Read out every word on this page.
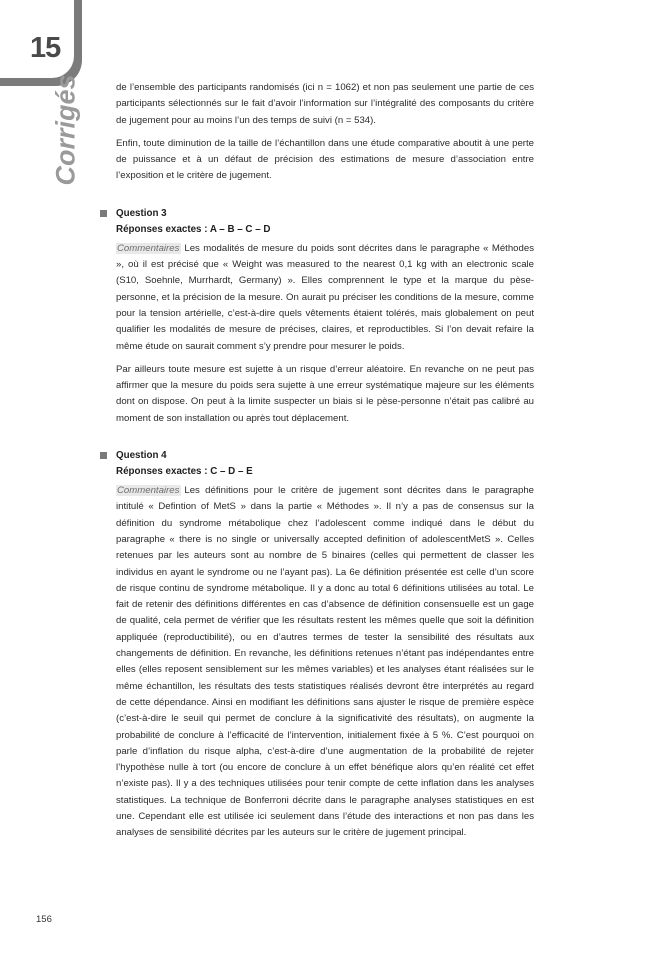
15
Corrigés	de l’ensemble des participants randomisés (ici n = 1062) et non pas seulement une partie de ces participants sélectionnés sur le fait d’avoir l’information sur l’intégralité des composants du critère de jugement pour au moins l’un des temps de suivi (n = 534).

Enfin, toute diminution de la taille de l’échantillon dans une étude comparative aboutit à une perte de puissance et à un défaut de précision des estimations de mesure d’association entre l’exposition et le critère de jugement.

Question 3
Réponses exactes : A – B – C – D

Commentaires Les modalités de mesure du poids sont décrites dans le paragraphe « Méthodes », où il est précisé que « Weight was measured to the nearest 0,1 kg with an electronic scale (S10, Soehnle, Murrhardt, Germany) ». Elles comprennent le type et la marque du pèse-personne, et la précision de la mesure. On aurait pu préciser les conditions de la mesure, comme pour la tension artérielle, c’est-à-dire quels vêtements étaient tolérés, mais globalement on peut qualifier les modalités de mesure de précises, claires, et reproductibles. Si l’on devait refaire la même étude on saurait comment s’y prendre pour mesurer le poids.

Par ailleurs toute mesure est sujette à un risque d’erreur aléatoire. En revanche on ne peut pas affirmer que la mesure du poids sera sujette à une erreur systématique majeure sur les éléments dont on dispose. On peut à la limite suspecter un biais si le pèse-personne n’était pas calibré au moment de son installation ou après tout déplacement.

Question 4
Réponses exactes : C – D – E

Commentaires Les définitions pour le critère de jugement sont décrites dans le paragraphe intitulé « Defintion of MetS » dans la partie « Méthodes ». Il n’y a pas de consensus sur la définition du syndrome métabolique chez l’adolescent comme indiqué dans le début du paragraphe « there is no single or universally accepted definition of adolescentMetS ». Celles retenues par les auteurs sont au nombre de 5 binaires (celles qui permettent de classer les individus en ayant le syndrome ou ne l’ayant pas). La 6e définition présentée est celle d’un score de risque continu de syndrome métabolique. Il y a donc au total 6 définitions utilisées au total. Le fait de retenir des définitions différentes en cas d’absence de définition consensuelle est un gage de qualité, cela permet de vérifier que les résultats restent les mêmes quelle que soit la définition appliquée (reproductibilité), ou en d’autres termes de tester la sensibilité des résultats aux changements de définition. En revanche, les définitions retenues n’étant pas indépendantes entre elles (elles reposent sensiblement sur les mêmes variables) et les analyses étant réalisées sur le même échantillon, les résultats des tests statistiques réalisés devront être interprétés au regard de cette dépendance. Ainsi en modifiant les définitions sans ajuster le risque de première espèce (c’est-à-dire le seuil qui permet de conclure à la significativité des résultats), on augmente la probabilité de conclure à l’efficacité de l’intervention, initialement fixée à 5 %. C’est pourquoi on parle d’inflation du risque alpha, c’est-à-dire d’une augmentation de la probabilité de rejeter l’hypothèse nulle à tort (ou encore de conclure à un effet bénéfique alors qu’en réalité cet effet n’existe pas). Il y a des techniques utilisées pour tenir compte de cette inflation dans les analyses statistiques. La technique de Bonferroni décrite dans le paragraphe analyses statistiques en est une. Cependant elle est utilisée ici seulement dans l’étude des interactions et non pas dans les analyses de sensibilité décrites par les auteurs sur le critère de jugement principal.

156
